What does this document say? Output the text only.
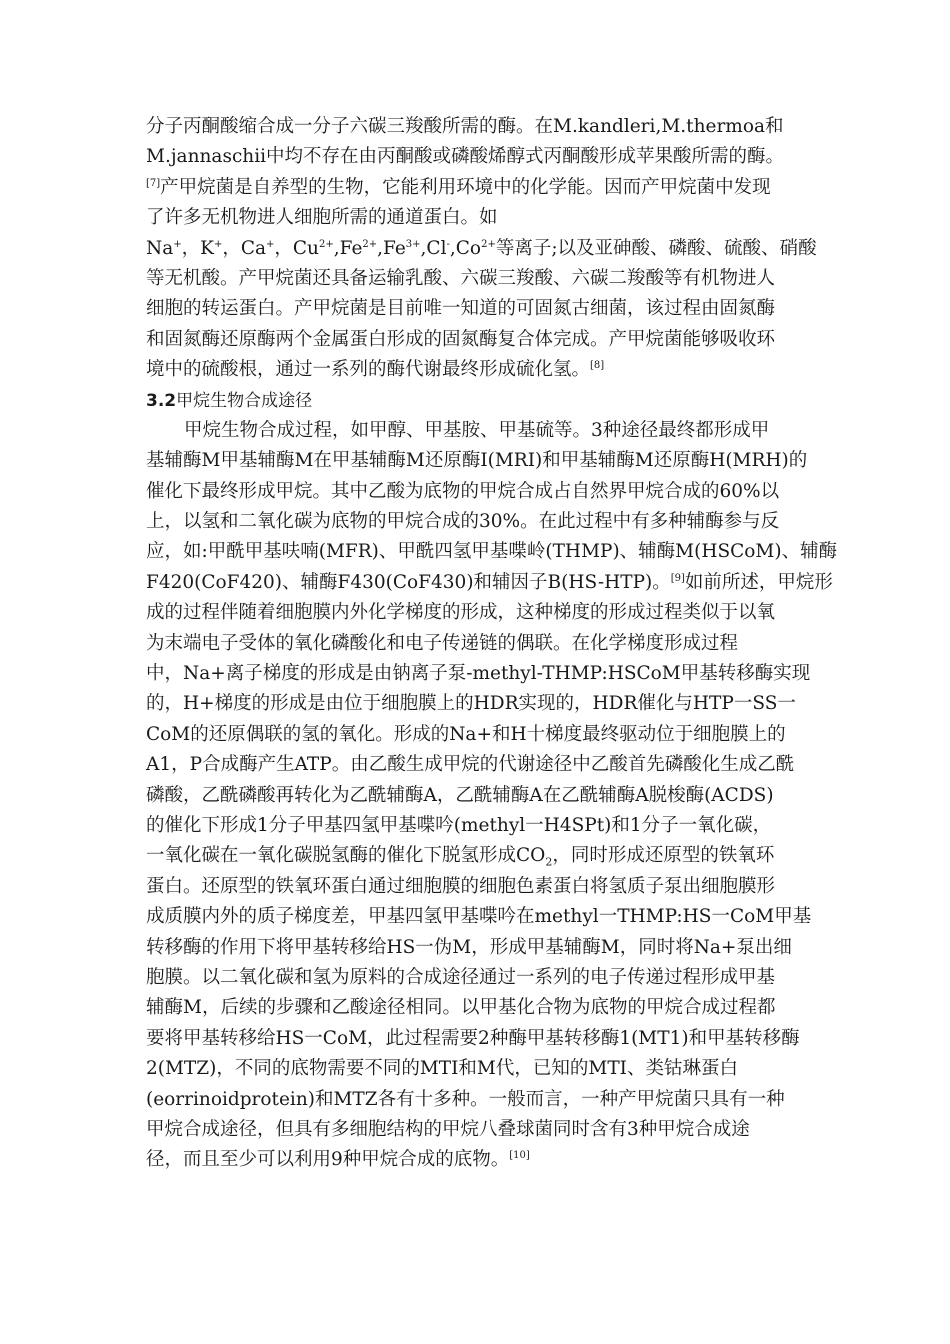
分子丙酮酸缩合成一分子六碳三羧酸所需的酶。在M.kandleri,M.thermoa和
M.jannaschii中均不存在由丙酮酸或磷酸烯醇式丙酮酸形成苹果酸所需的酶。
[7]产甲烷菌是自养型的生物，它能利用环境中的化学能。因而产甲烷菌中发现
了许多无机物进人细胞所需的通道蛋白。如
Na+，K+，Ca+，$Cu^{2+},Fe^{2+},Fe^{3+},Cl^-,Co^{2+}$等离子;以及亚砷酸、磷酸、硫酸、硝酸
等无机酸。产甲烷菌还具备运输乳酸、六碳三羧酸、六碳二羧酸等有机物进人
细胞的转运蛋白。产甲烷菌是目前唯一知道的可固氮古细菌，该过程由固氮酶
和固氮酶还原酶两个金属蛋白形成的固氮酶复合体完成。产甲烷菌能够吸收环
境中的硫酸根，通过一系列的酶代谢最终形成硫化氢。[8]
3.2甲烷生物合成途径
甲烷生物合成过程，如甲醇、甲基胺、甲基硫等。3种途径最终都形成甲
基辅酶M甲基辅酶M在甲基辅酶M还原酶I(MRI)和甲基辅酶M还原酶H(MRH)的
催化下最终形成甲烷。其中乙酸为底物的甲烷合成占自然界甲烷合成的60%以
上，以氢和二氧化碳为底物的甲烷合成的30%。在此过程中有多种辅酶参与反
应，如:甲酰甲基呋喃(MFR)、甲酰四氢甲基喋岭(THMP)、辅酶M(HSCoM)、辅酶
F420(CoF420)、辅酶F430(CoF430)和辅因子B(HS-HTP)。[9]如前所述，甲烷形
成的过程伴随着细胞膜内外化学梯度的形成，这种梯度的形成过程类似于以氧
为末端电子受体的氧化磷酸化和电子传递链的偶联。在化学梯度形成过程
中，Na+离子梯度的形成是由钠离子泵-methyl-THMP:HSCoM甲基转移酶实现
的，H+梯度的形成是由位于细胞膜上的HDR实现的，HDR催化与HTP一SS一
CoM的还原偶联的氢的氧化。形成的Na+和H十梯度最终驱动位于细胞膜上的
A1，P合成酶产生ATP。由乙酸生成甲烷的代谢途径中乙酸首先磷酸化生成乙酰
磷酸，乙酰磷酸再转化为乙酰辅酶A，乙酰辅酶A在乙酰辅酶A脱梭酶(ACDS)
的催化下形成1分子甲基四氢甲基喋吟(methyl一H4SPt)和1分子一氧化碳，
一氧化碳在一氧化碳脱氢酶的催化下脱氢形成$CO_2$，同时形成还原型的铁氧环
蛋白。还原型的铁氧环蛋白通过细胞膜的细胞色素蛋白将氢质子泵出细胞膜形
成质膜内外的质子梯度差，甲基四氢甲基喋吟在methyl一THMP:HS一CoM甲基
转移酶的作用下将甲基转移给HS一伪M，形成甲基辅酶M，同时将Na+泵出细
胞膜。以二氧化碳和氢为原料的合成途径通过一系列的电子传递过程形成甲基
辅酶M，后续的步骤和乙酸途径相同。以甲基化合物为底物的甲烷合成过程都
要将甲基转移给HS一CoM，此过程需要2种酶甲基转移酶1(MT1)和甲基转移酶
2(MTZ)，不同的底物需要不同的MTI和M代，已知的MTI、类钴琳蛋白
(eorrinoidprotein)和MTZ各有十多种。一般而言，一种产甲烷菌只具有一种
甲烷合成途径，但具有多细胞结构的甲烷八叠球菌同时含有3种甲烷合成途
径，而且至少可以利用9种甲烷合成的底物。[10]
